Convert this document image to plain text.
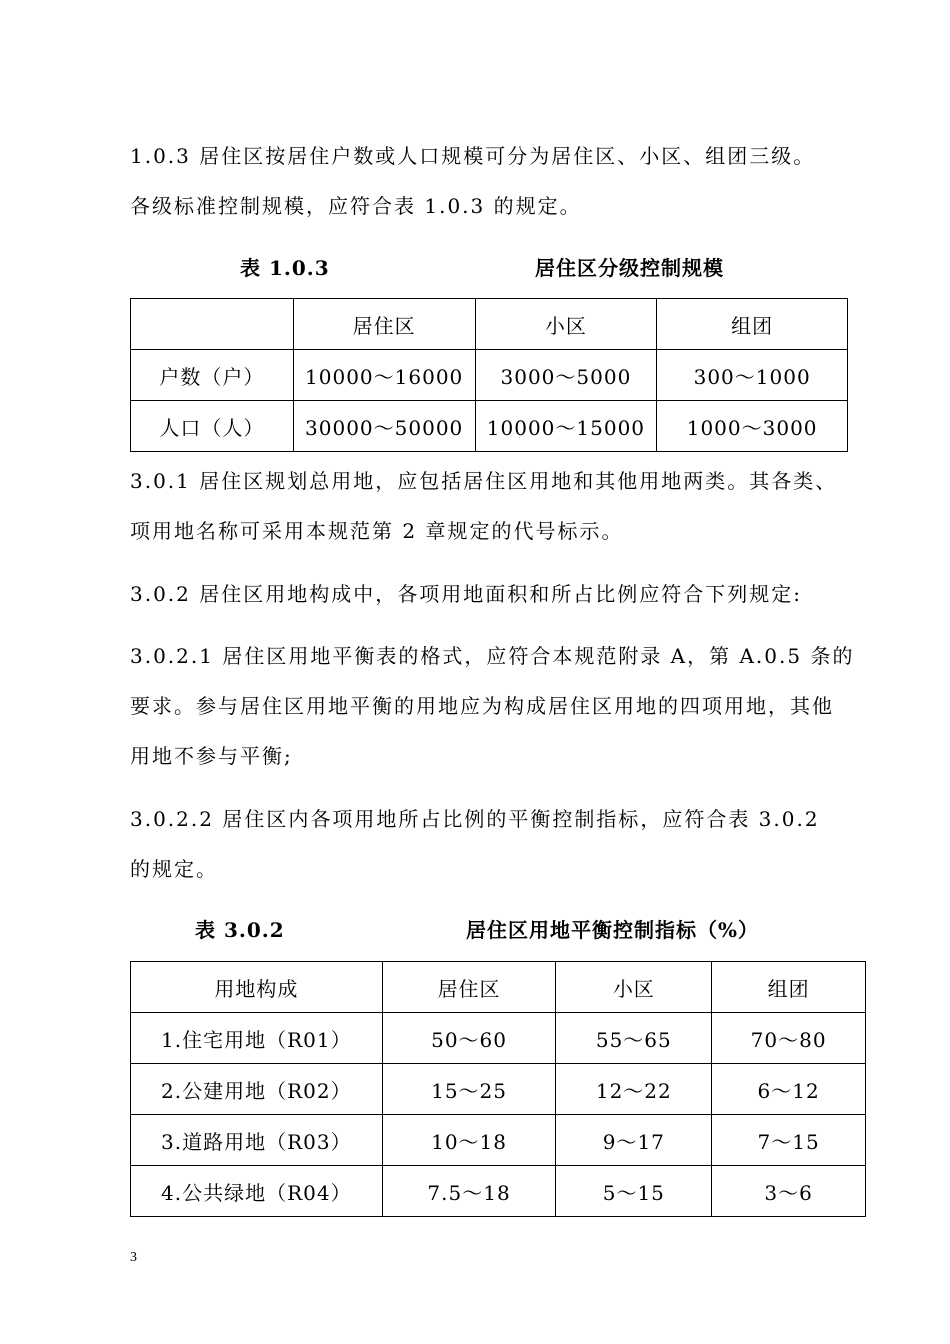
1.0.3 居住区按居住户数或人口规模可分为居住区、小区、组团三级。
各级标准控制规模，应符合表 1.0.3 的规定。
表 1.0.3	居住区分级控制规模
	居住区	小区	组团
户数（户）	10000～16000	3000～5000	300～1000
人口（人）	30000～50000	10000～15000	1000～3000
3.0.1 居住区规划总用地，应包括居住区用地和其他用地两类。其各类、
项用地名称可采用本规范第 2 章规定的代号标示。
3.0.2 居住区用地构成中，各项用地面积和所占比例应符合下列规定:
3.0.2.1 居住区用地平衡表的格式，应符合本规范附录 A，第 A.0.5 条的
要求。参与居住区用地平衡的用地应为构成居住区用地的四项用地，其他
用地不参与平衡;
3.0.2.2 居住区内各项用地所占比例的平衡控制指标，应符合表 3.0.2
的规定。
表 3.0.2	居住区用地平衡控制指标（%）
用地构成	居住区	小区	组团
1.住宅用地（R01）	50～60	55～65	70～80
2.公建用地（R02）	15～25	12～22	6～12
3.道路用地（R03）	10～18	9～17	7～15
4.公共绿地（R04）	7.5～18	5～15	3～6
3
